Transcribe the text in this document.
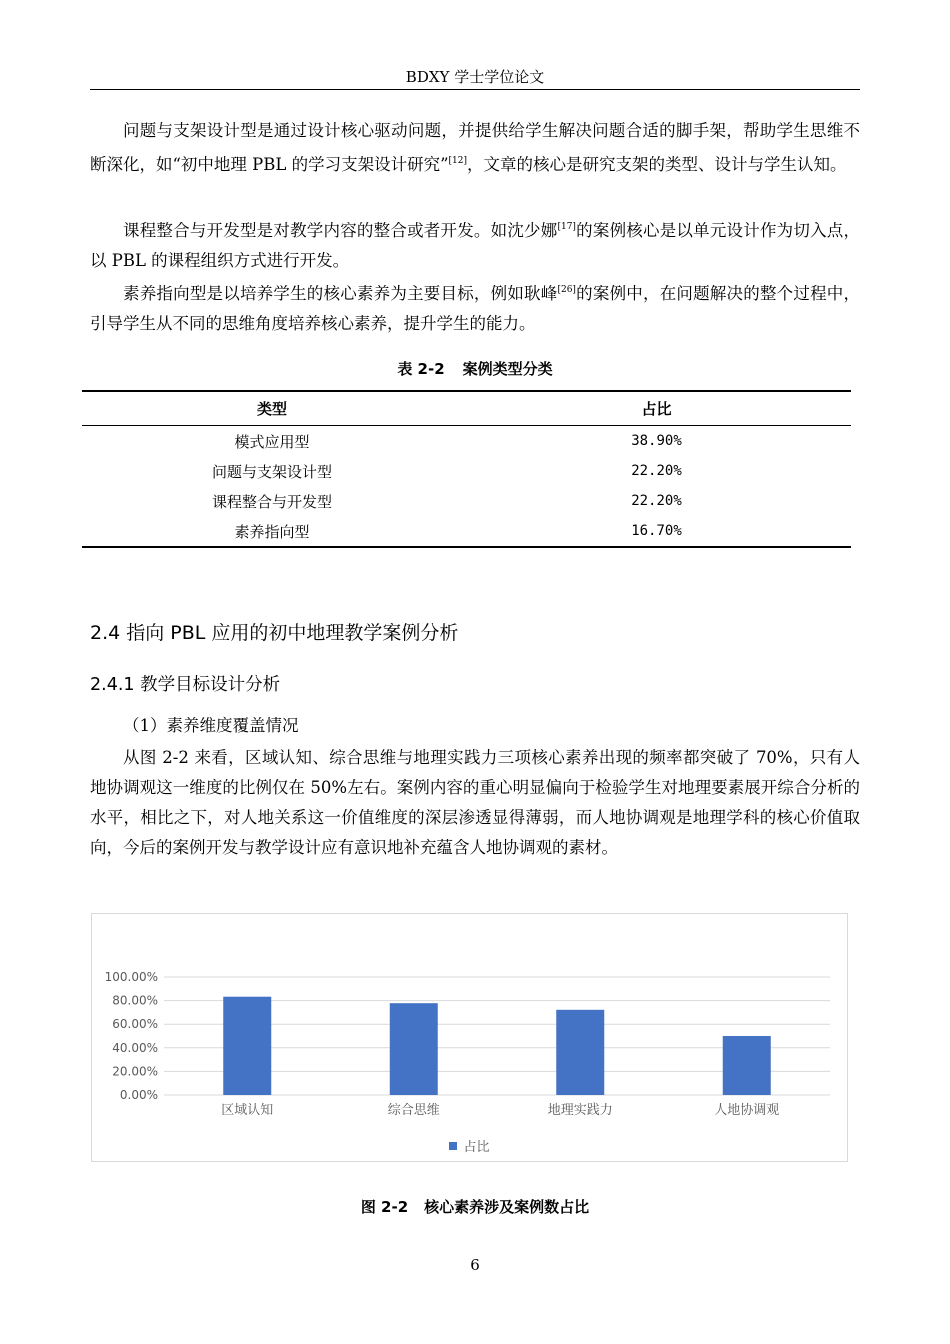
BDXY 学士学位论文

问题与支架设计型是通过设计核心驱动问题，并提供给学生解决问题合适的脚手架，帮助学生思维不断深化，如“初中地理 PBL 的学习支架设计研究”[12]，文章的核心是研究支架的类型、设计与学生认知。

课程整合与开发型是对教学内容的整合或者开发。如沈少娜[17]的案例核心是以单元设计作为切入点，以 PBL 的课程组织方式进行开发。

素养指向型是以培养学生的核心素养为主要目标，例如耿峰[26]的案例中，在问题解决的整个过程中，引导学生从不同的思维角度培养核心素养，提升学生的能力。

表 2-2 案例类型分类
类型	占比
模式应用型	38.90%
问题与支架设计型	22.20%
课程整合与开发型	22.20%
素养指向型	16.70%
2.4 指向 PBL 应用的初中地理教学案例分析
2.4.1 教学目标设计分析

（1）素养维度覆盖情况

从图 2-2 来看，区域认知、综合思维与地理实践力三项核心素养出现的频率都突破了 70%，只有人地协调观这一维度的比例仅在 50%左右。案例内容的重心明显偏向于检验学生对地理要素展开综合分析的水平，相比之下，对人地关系这一价值维度的深层渗透显得薄弱，而人地协调观是地理学科的核心价值取向，今后的案例开发与教学设计应有意识地补充蕴含人地协调观的素材。

0.00%
20.00%
40.00%
60.00%
80.00%
100.00%
区域认知	综合思维	地理实践力	人地协调观
占比
图 2-2 核心素养涉及案例数占比
6
